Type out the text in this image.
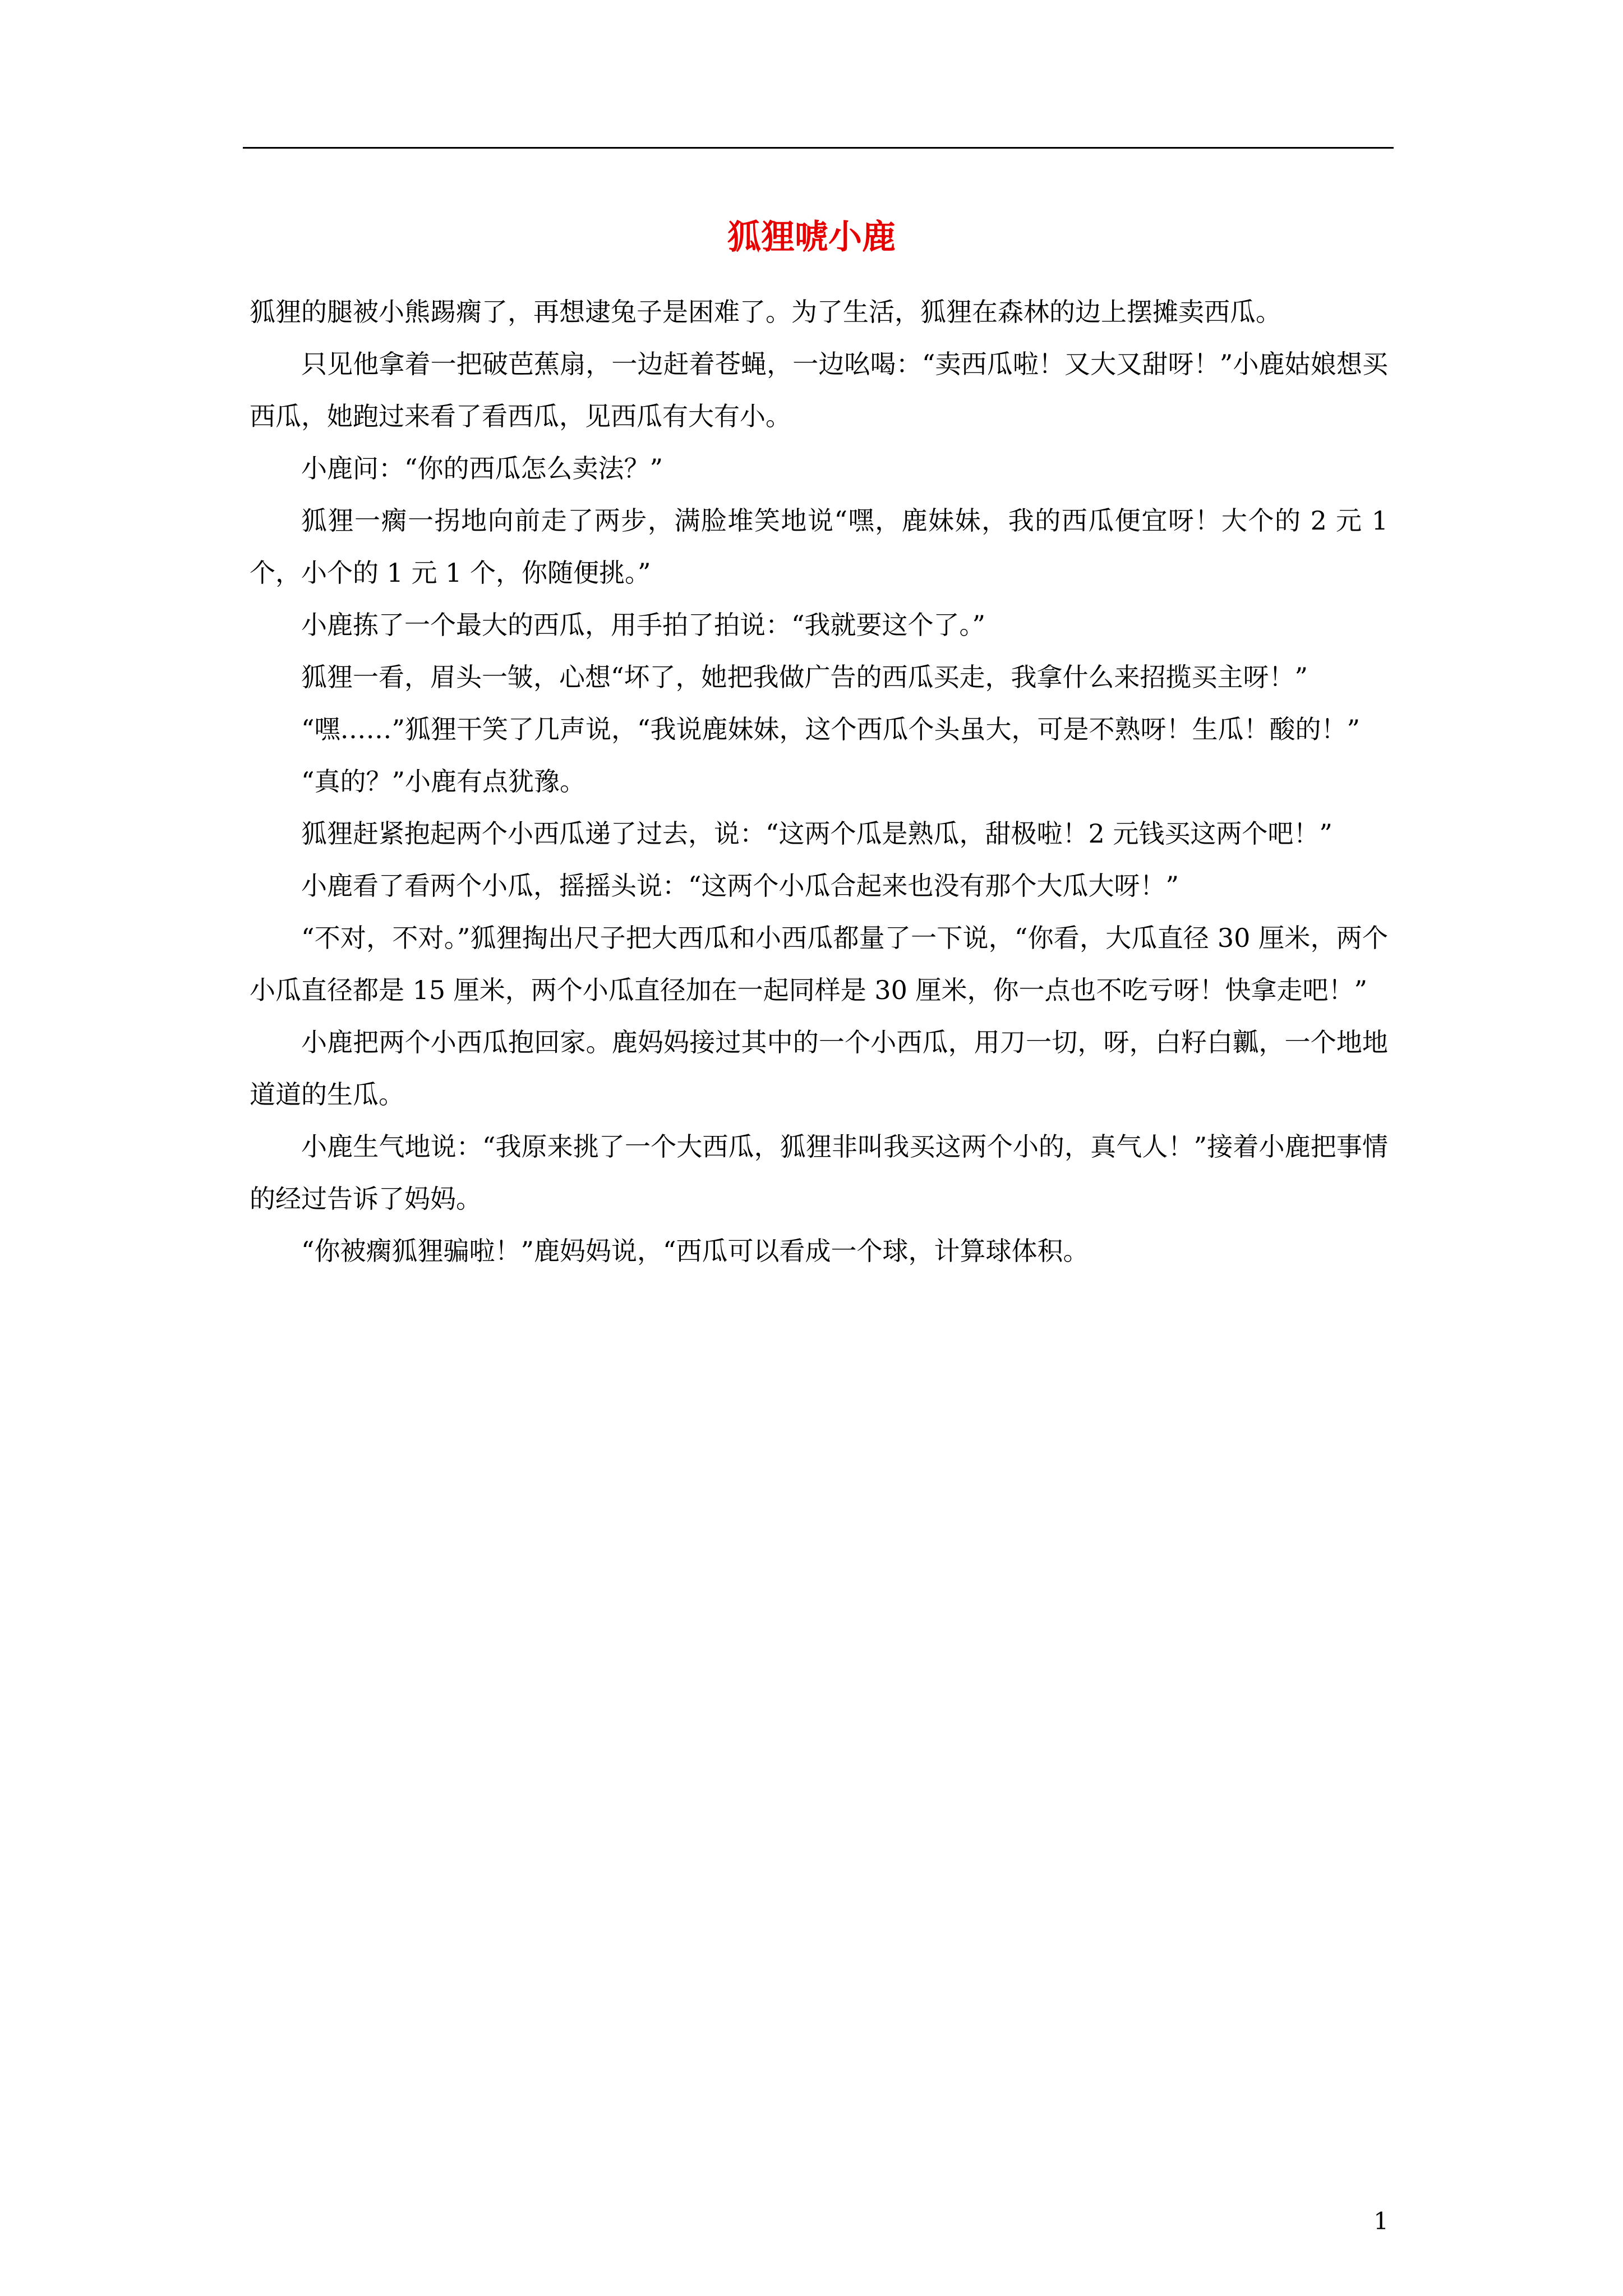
狐狸唬小鹿

狐狸的腿被小熊踢瘸了，再想逮兔子是困难了。为了生活，狐狸在森林的边上摆摊卖西瓜。

只见他拿着一把破芭蕉扇，一边赶着苍蝇，一边吆喝：“卖西瓜啦！又大又甜呀！”小鹿姑娘想买西瓜，她跑过来看了看西瓜，见西瓜有大有小。

小鹿问：“你的西瓜怎么卖法？”

狐狸一瘸一拐地向前走了两步，满脸堆笑地说“嘿，鹿妹妹，我的西瓜便宜呀！大个的 2 元 1 个，小个的 1 元 1 个，你随便挑。”

小鹿拣了一个最大的西瓜，用手拍了拍说：“我就要这个了。”

狐狸一看，眉头一皱，心想“坏了，她把我做广告的西瓜买走，我拿什么来招揽买主呀！”

“嘿……”狐狸干笑了几声说，“我说鹿妹妹，这个西瓜个头虽大，可是不熟呀！生瓜！酸的！”

“真的？”小鹿有点犹豫。

狐狸赶紧抱起两个小西瓜递了过去，说：“这两个瓜是熟瓜，甜极啦！2 元钱买这两个吧！”

小鹿看了看两个小瓜，摇摇头说：“这两个小瓜合起来也没有那个大瓜大呀！”

“不对，不对。”狐狸掏出尺子把大西瓜和小西瓜都量了一下说，“你看，大瓜直径 30 厘米，两个小瓜直径都是 15 厘米，两个小瓜直径加在一起同样是 30 厘米，你一点也不吃亏呀！快拿走吧！”

小鹿把两个小西瓜抱回家。鹿妈妈接过其中的一个小西瓜，用刀一切，呀，白籽白瓤，一个地地道道的生瓜。

小鹿生气地说：“我原来挑了一个大西瓜，狐狸非叫我买这两个小的，真气人！”接着小鹿把事情的经过告诉了妈妈。

“你被瘸狐狸骗啦！”鹿妈妈说，“西瓜可以看成一个球，计算球体积。

1
